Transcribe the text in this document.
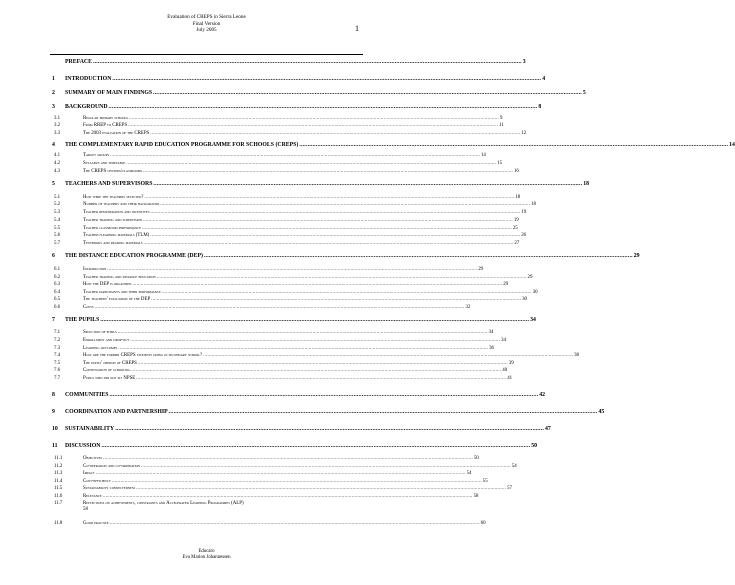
Evaluation of CREPS in Sierra Leone
Final Version
July 2005	1
PREFACE .................................................................................................................................................................................................................................................................... 3
1	INTRODUCTION .................................................................................................................................................................................................................................................................... 4
2	SUMMARY OF MAIN FINDINGS .................................................................................................................................................................................................................................................................... 5
3	BACKGROUND .................................................................................................................................................................................................................................................................... 8
3.1	Regular primary schools .................................................................................................................................................................................................................................................................... 9
3.2	From RREP to CREPS .................................................................................................................................................................................................................................................................... 11
3.3	The 2003 evaluation of the CREPS .................................................................................................................................................................................................................................................................... 12
4	THE COMPLEMENTARY RAPID EDUCATION PROGRAMME FOR SCHOOLS (CREPS) .................................................................................................................................................................................................................................................................... 14
4.1	Target groups .................................................................................................................................................................................................................................................................... 14
4.2	Syllabus and timetable .................................................................................................................................................................................................................................................................... 15
4.3	The CREPS centers/classrooms .................................................................................................................................................................................................................................................................... 16
5	TEACHERS AND SUPERVISORS .................................................................................................................................................................................................................................................................... 18
5.1	How were the teachers selected? .................................................................................................................................................................................................................................................................... 18
5.2	Number of teachers and their background .................................................................................................................................................................................................................................................................... 18
5.3	Teacher remuneration and incentives .................................................................................................................................................................................................................................................................... 19
5.4	Teacher training and supervision .................................................................................................................................................................................................................................................................... 19
5.5	Teacher classroom performance .................................................................................................................................................................................................................................................................... 25
5.6	Teaching-learning materials (TLM) .................................................................................................................................................................................................................................................................... 26
5.7	Textbooks and reading materials .................................................................................................................................................................................................................................................................... 27
6	THE DISTANCE EDUCATION PROGRAMME (DEP) .................................................................................................................................................................................................................................................................... 29
6.1	Introduction .................................................................................................................................................................................................................................................................... 29
6.2	Teacher training and distance education .................................................................................................................................................................................................................................................................... 29
6.3	How the DEP is organised .................................................................................................................................................................................................................................................................... 29
6.4	Teacher participants and their performance .................................................................................................................................................................................................................................................................... 30
6.5	The teachers' evaluation of the DEP .................................................................................................................................................................................................................................................................... 30
6.6	Costs .................................................................................................................................................................................................................................................................... 32
7	THE PUPILS .................................................................................................................................................................................................................................................................... 34
7.1	Selection of pupils .................................................................................................................................................................................................................................................................... 34
7.2	Enrollment and drop-out .................................................................................................................................................................................................................................................................... 34
7.3	Learning outcomes .................................................................................................................................................................................................................................................................... 36
7.4	How are the former CREPS students doing in secondary school? .................................................................................................................................................................................................................................................................... 38
7.5	The pupils' opinion of CREPS .................................................................................................................................................................................................................................................................... 39
7.6	Continuation of schooling .................................................................................................................................................................................................................................................................... 40
7.7	Pupils who did not sit NPSE .................................................................................................................................................................................................................................................................... 41
8	COMMUNITIES .................................................................................................................................................................................................................................................................... 42
9	COORDINATION AND PARTNERSHIP .................................................................................................................................................................................................................................................................... 45
10	SUSTAINABILITY .................................................................................................................................................................................................................................................................... 47
11	DISCUSSION .................................................................................................................................................................................................................................................................... 50
11.1	Objectives .................................................................................................................................................................................................................................................................... 50
11.2	Co-operation and co-ordination .................................................................................................................................................................................................................................................................... 54
11.3	Impact .................................................................................................................................................................................................................................................................... 54
11.4	Cost-efficiency .................................................................................................................................................................................................................................................................... 55
11.5	Sustainability connectedness .................................................................................................................................................................................................................................................................... 57
11.6	Relevance .................................................................................................................................................................................................................................................................... 58
11.7	Reflections on achievements, constraints and Accelerated Learning Programmes (ALP)
58
11.8	Good practice .................................................................................................................................................................................................................................................................... 60
Educaro
Eva Marion Johannessen
